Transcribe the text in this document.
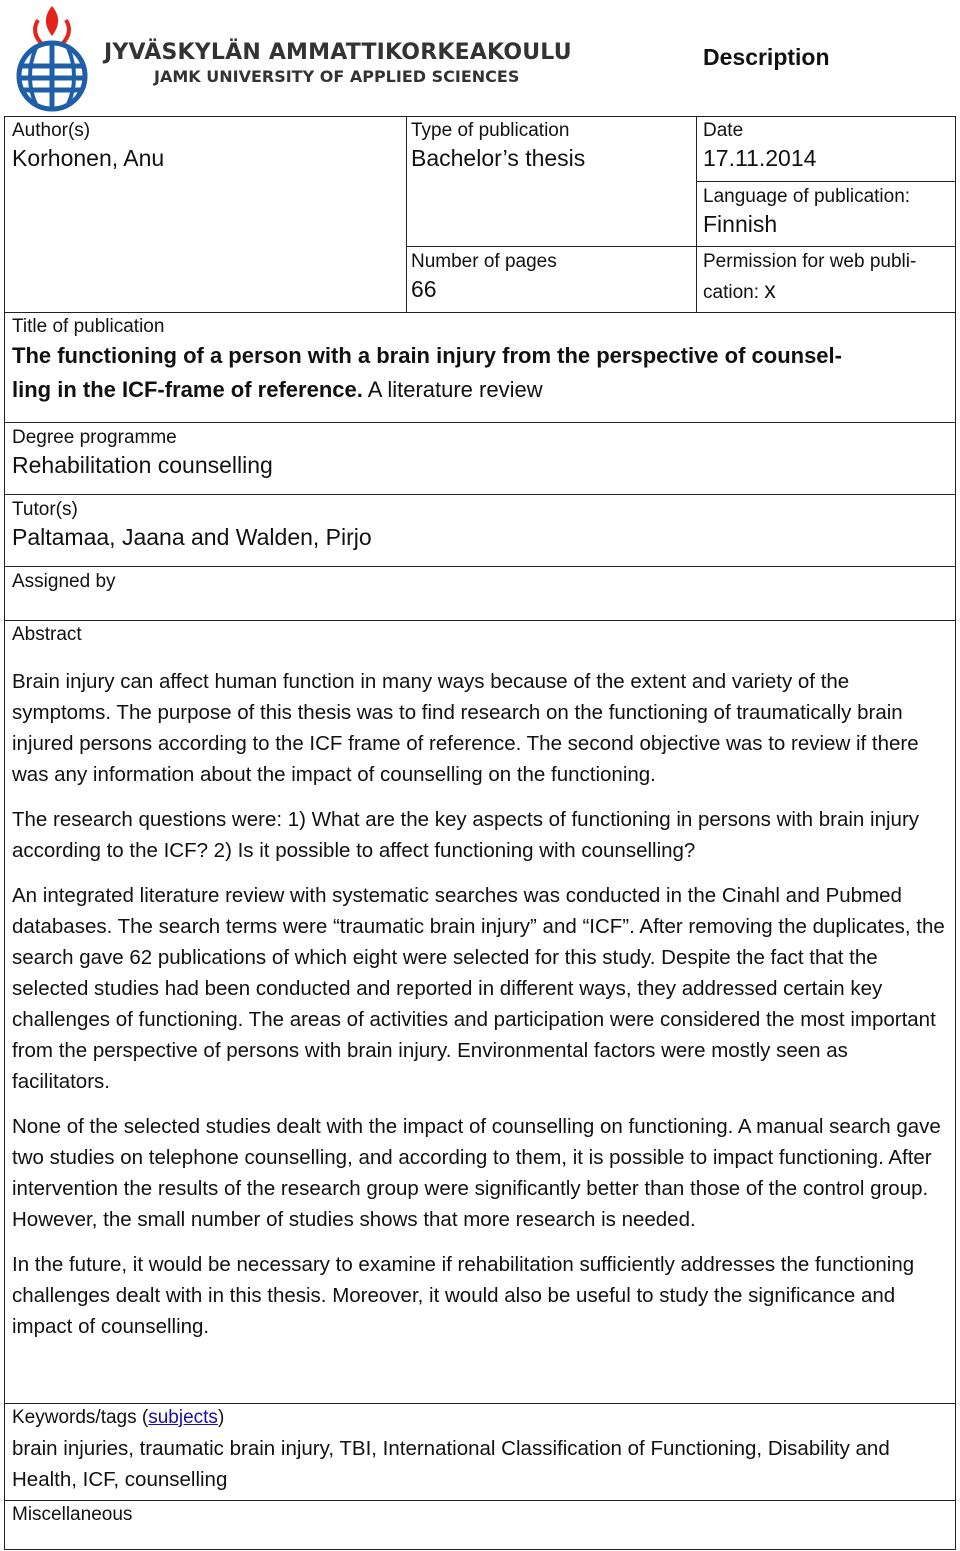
JYVÄSKYLÄN AMMATTIKORKEAKOULU
JAMK UNIVERSITY OF APPLIED SCIENCES
Description
Author(s)
Korhonen, Anu
Type of publication
Bachelor’s thesis
Date
17.11.2014
Language of publication:
Finnish
Number of pages
66
Permission for web publi-
cation: x
Title of publication
The functioning of a person with a brain injury from the perspective of counsel-
ling in the ICF-frame of reference. A literature review
Degree programme
Rehabilitation counselling
Tutor(s)
Paltamaa, Jaana and Walden, Pirjo
Assigned by
Abstract

Brain injury can affect human function in many ways because of the extent and variety of the symptoms. The purpose of this thesis was to find research on the functioning of traumatically brain injured persons according to the ICF frame of reference. The second objective was to review if there was any information about the impact of counselling on the functioning.

The research questions were: 1) What are the key aspects of functioning in persons with brain injury according to the ICF? 2) Is it possible to affect functioning with counselling?

An integrated literature review with systematic searches was conducted in the Cinahl and Pubmed databases. The search terms were “traumatic brain injury” and “ICF”. After removing the duplicates, the search gave 62 publications of which eight were selected for this study. Despite the fact that the selected studies had been conducted and reported in different ways, they addressed certain key challenges of functioning. The areas of activities and participation were considered the most important from the perspective of persons with brain injury. Environmental factors were mostly seen as facilitators.

None of the selected studies dealt with the impact of counselling on functioning. A manual search gave two studies on telephone counselling, and according to them, it is possible to impact functioning. After intervention the results of the research group were significantly better than those of the control group. However, the small number of studies shows that more research is needed.

In the future, it would be necessary to examine if rehabilitation sufficiently addresses the functioning challenges dealt with in this thesis. Moreover, it would also be useful to study the significance and impact of counselling.

Keywords/tags (subjects)
brain injuries, traumatic brain injury, TBI, International Classification of Functioning, Disability and Health, ICF, counselling
Miscellaneous
